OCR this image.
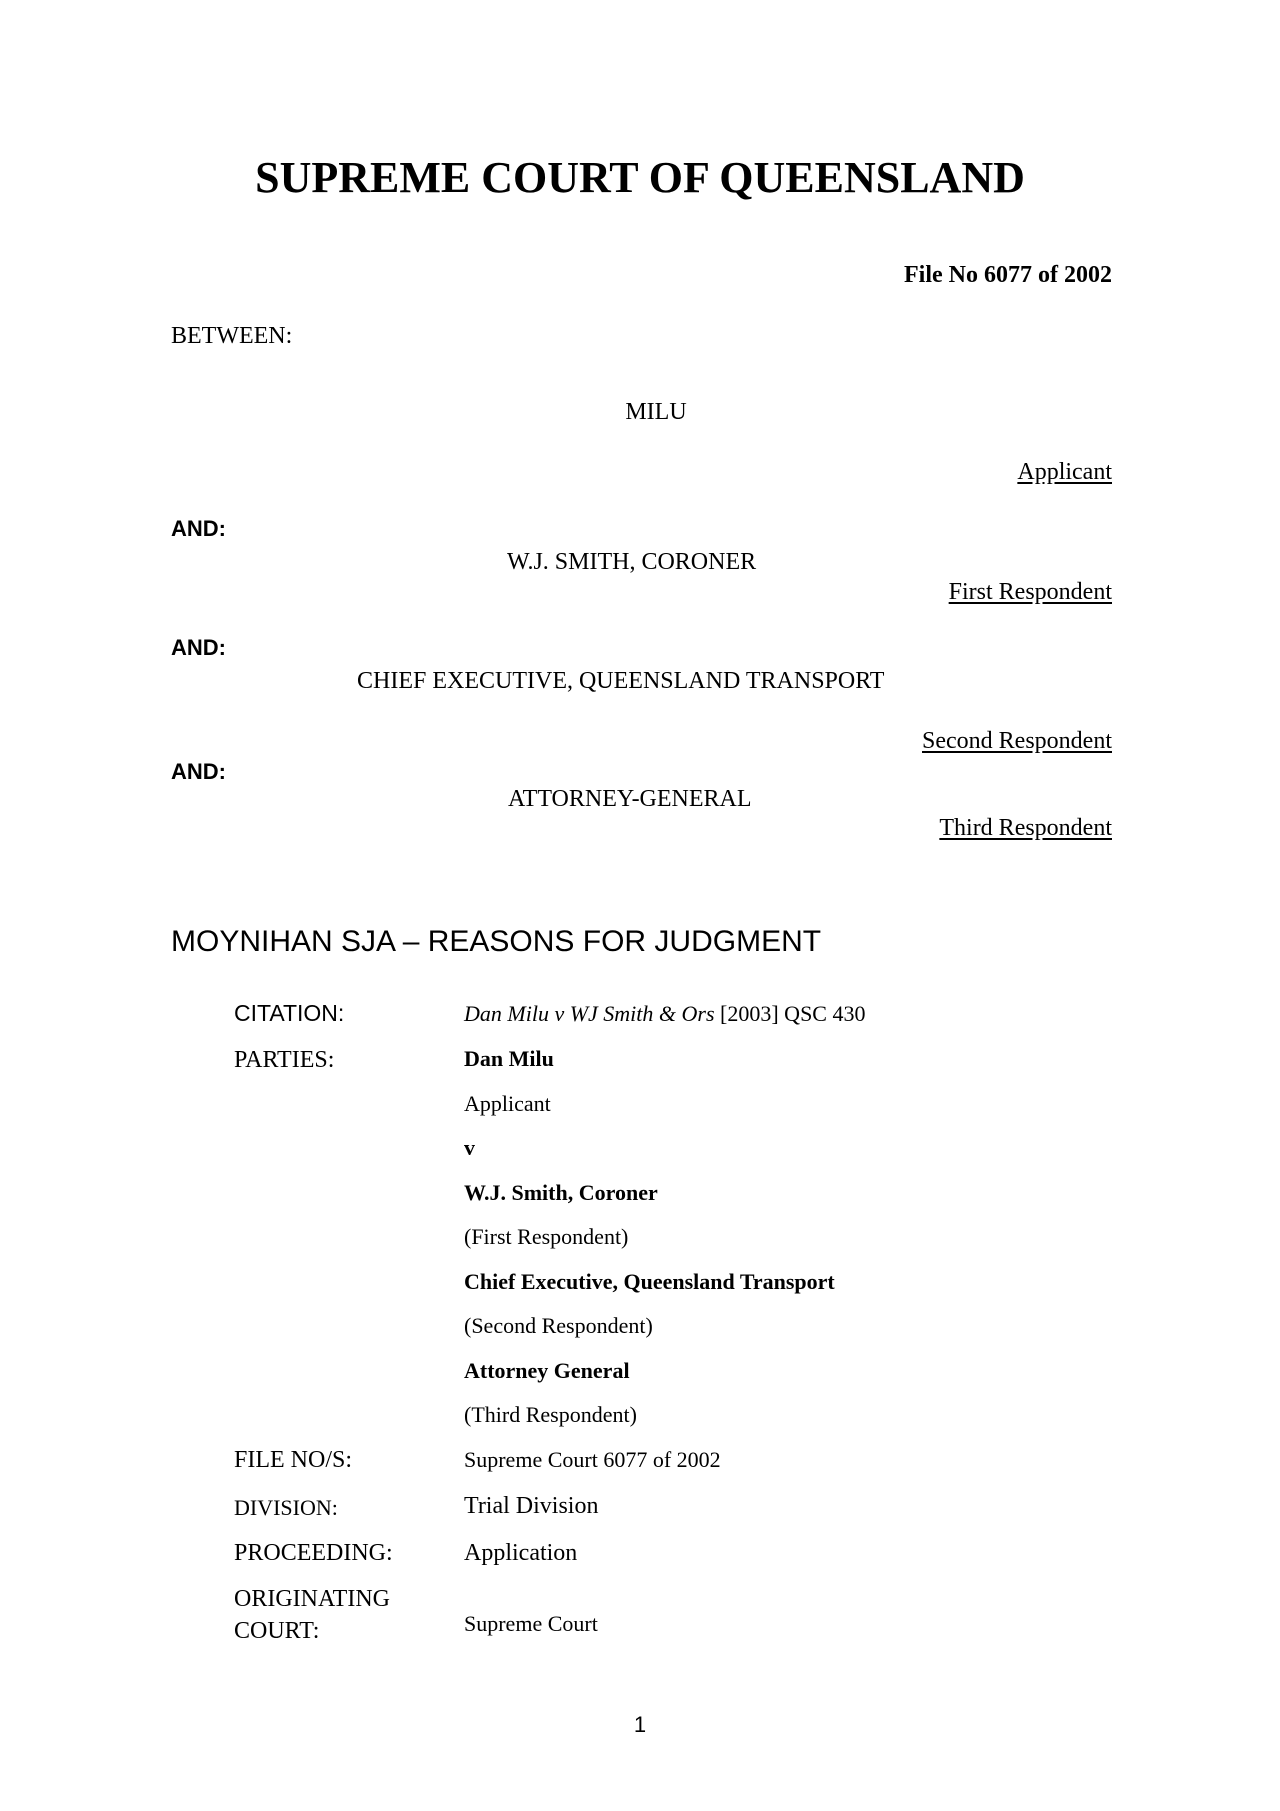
SUPREME COURT OF QUEENSLAND
File No 6077 of 2002
BETWEEN:
MILU
Applicant
AND:
W.J. SMITH, CORONER
First Respondent
AND:
CHIEF EXECUTIVE, QUEENSLAND TRANSPORT
Second Respondent
AND:
ATTORNEY-GENERAL
Third Respondent
MOYNIHAN SJA – REASONS FOR JUDGMENT
CITATION:	Dan Milu v WJ Smith & Ors [2003] QSC 430
PARTIES:	Dan Milu
Applicant
v
W.J. Smith, Coroner
(First Respondent)
Chief Executive, Queensland Transport
(Second Respondent)
Attorney General
(Third Respondent)
FILE NO/S:	Supreme Court 6077 of 2002
DIVISION:	Trial Division
PROCEEDING:	Application
ORIGINATING
COURT:	Supreme Court
1
